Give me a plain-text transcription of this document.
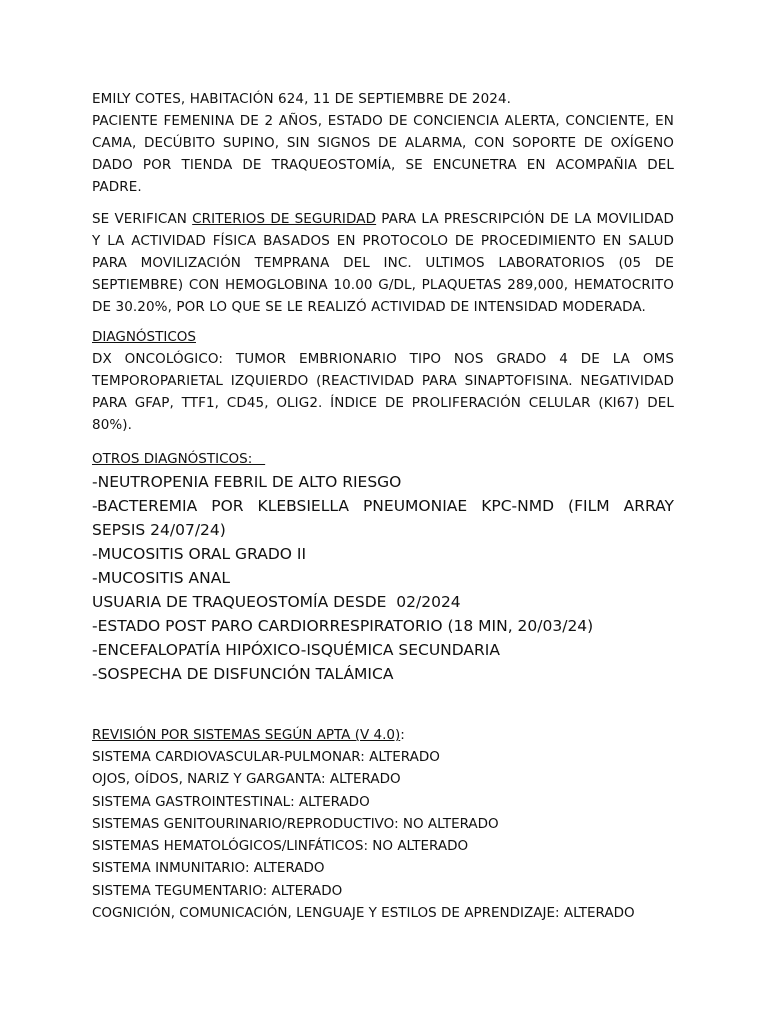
EMILY COTES, HABITACIÓN 624, 11 DE SEPTIEMBRE DE 2024.

PACIENTE FEMENINA DE 2 AÑOS, ESTADO DE CONCIENCIA ALERTA, CONCIENTE, EN CAMA, DECÚBITO SUPINO, SIN SIGNOS DE ALARMA, CON SOPORTE DE OXÍGENO DADO POR TIENDA DE TRAQUEOSTOMÍA, SE ENCUNETRA EN ACOMPAÑIA DEL PADRE.

SE VERIFICAN CRITERIOS DE SEGURIDAD PARA LA PRESCRIPCIÓN DE LA MOVILIDAD Y LA ACTIVIDAD FÍSICA BASADOS EN PROTOCOLO DE PROCEDIMIENTO EN SALUD PARA MOVILIZACIÓN TEMPRANA DEL INC. ULTIMOS LABORATORIOS (05 DE SEPTIEMBRE) CON HEMOGLOBINA 10.00 G/DL, PLAQUETAS 289,000, HEMATOCRITO DE 30.20%, POR LO QUE SE LE REALIZÓ ACTIVIDAD DE INTENSIDAD MODERADA.

DIAGNÓSTICOS

DX ONCOLÓGICO: TUMOR EMBRIONARIO TIPO NOS GRADO 4 DE LA OMS TEMPOROPARIETAL IZQUIERDO (REACTIVIDAD PARA SINAPTOFISINA. NEGATIVIDAD PARA GFAP, TTF1, CD45, OLIG2. ÍNDICE DE PROLIFERACIÓN CELULAR (KI67) DEL 80%).

OTROS DIAGNÓSTICOS:

-NEUTROPENIA FEBRIL DE ALTO RIESGO
-BACTEREMIA POR KLEBSIELLA PNEUMONIAE KPC-NMD (FILM ARRAY SEPSIS 24/07/24)
-MUCOSITIS ORAL GRADO II
-MUCOSITIS ANAL
USUARIA DE TRAQUEOSTOMÍA DESDE  02/2024
-ESTADO POST PARO CARDIORRESPIRATORIO (18 MIN, 20/03/24)
-ENCEFALOPATÍA HIPÓXICO-ISQUÉMICA SECUNDARIA
-SOSPECHA DE DISFUNCIÓN TALÁMICA

REVISIÓN POR SISTEMAS SEGÚN APTA (V 4.0):

SISTEMA CARDIOVASCULAR-PULMONAR: ALTERADO
OJOS, OÍDOS, NARIZ Y GARGANTA: ALTERADO
SISTEMA GASTROINTESTINAL: ALTERADO
SISTEMAS GENITOURINARIO/REPRODUCTIVO: NO ALTERADO
SISTEMAS HEMATOLÓGICOS/LINFÁTICOS: NO ALTERADO
SISTEMA INMUNITARIO: ALTERADO
SISTEMA TEGUMENTARIO: ALTERADO
COGNICIÓN, COMUNICACIÓN, LENGUAJE Y ESTILOS DE APRENDIZAJE: ALTERADO
